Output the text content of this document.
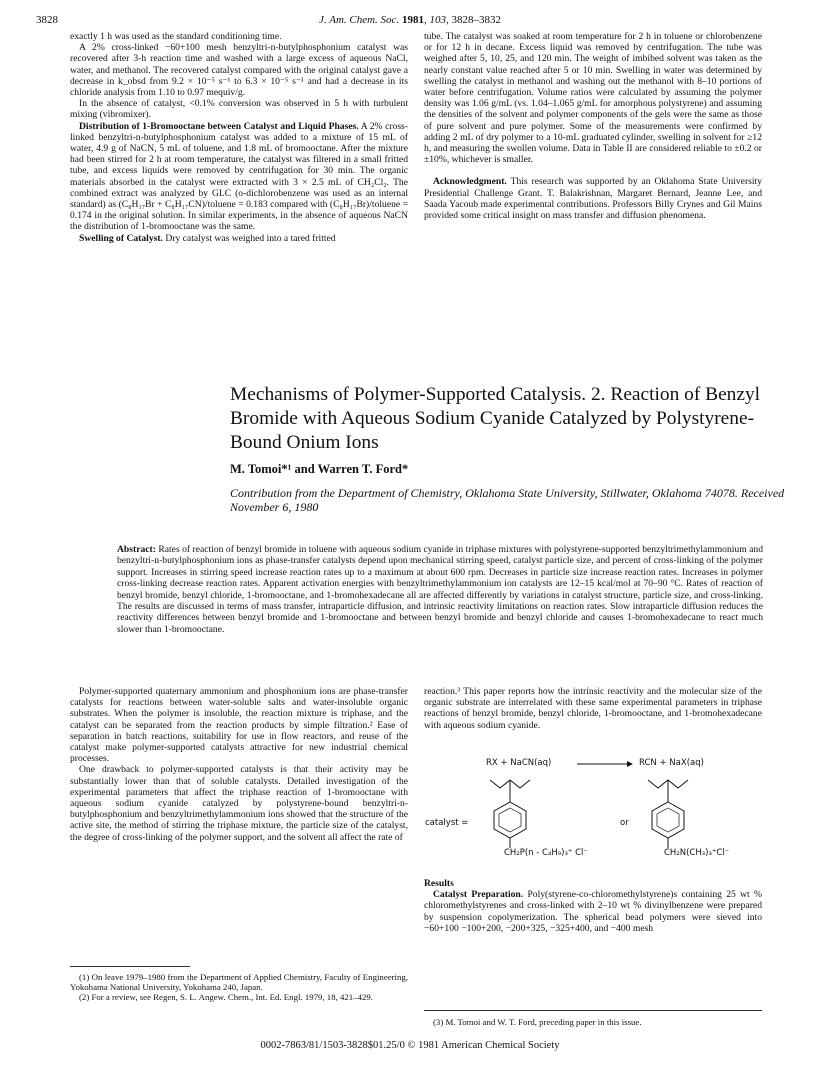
3828	J. Am. Chem. Soc. 1981, 103, 3828–3832

exactly 1 h was used as the standard conditioning time.

A 2% cross-linked −60+100 mesh benzyltri-n-butylphosphonium catalyst was recovered after 3-h reaction time and washed with a large excess of aqueous NaCl, water, and methanol. The recovered catalyst compared with the original catalyst gave a decrease in k_obsd from 9.2 × 10⁻⁵ s⁻¹ to 6.3 × 10⁻⁵ s⁻¹ and had a decrease in its chloride analysis from 1.10 to 0.97 mequiv/g.

In the absence of catalyst, <0.1% conversion was observed in 5 h with turbulent mixing (vibromixer).

Distribution of 1-Bromooctane between Catalyst and Liquid Phases. A 2% cross-linked benzyltri-n-butylphosphonium catalyst was added to a mixture of 15 mL of water, 4.9 g of NaCN, 5 mL of toluene, and 1.8 mL of bromooctane. After the mixture had been stirred for 2 h at room temperature, the catalyst was filtered in a small fritted tube, and excess liquids were removed by centrifugation for 30 min. The organic materials absorbed in the catalyst were extracted with 3 × 2.5 mL of CH₂Cl₂. The combined extract was analyzed by GLC (o-dichlorobenzene was used as an internal standard) as (C₈H₁₇Br + C₈H₁₇CN)/toluene = 0.183 compared with (C₈H₁₇Br)/toluene = 0.174 in the original solution. In similar experiments, in the absence of aqueous NaCN the distribution of 1-bromooctane was the same.

Swelling of Catalyst. Dry catalyst was weighed into a tared fritted

tube. The catalyst was soaked at room temperature for 2 h in toluene or chlorobenzene or for 12 h in decane. Excess liquid was removed by centrifugation. The tube was weighed after 5, 10, 25, and 120 min. The weight of imbibed solvent was taken as the nearly constant value reached after 5 or 10 min. Swelling in water was determined by swelling the catalyst in methanol and washing out the methanol with 8–10 portions of water before centrifugation. Volume ratios were calculated by assuming the polymer density was 1.06 g/mL (vs. 1.04–1.065 g/mL for amorphous polystyrene) and assuming the densities of the solvent and polymer components of the gels were the same as those of pure solvent and pure polymer. Some of the measurements were confirmed by adding 2 mL of dry polymer to a 10-mL graduated cylinder, swelling in solvent for ≥12 h, and measuring the swollen volume. Data in Table II are considered reliable to ±0.2 or ±10%, whichever is smaller.

Acknowledgment. This research was supported by an Oklahoma State University Presidential Challenge Grant. T. Balakrishnan, Margaret Bernard, Jeanne Lee, and Saada Yacoub made experimental contributions. Professors Billy Crynes and Gil Mains provided some critical insight on mass transfer and diffusion phenomena.

Mechanisms of Polymer-Supported Catalysis. 2. Reaction of Benzyl Bromide with Aqueous Sodium Cyanide Catalyzed by Polystyrene-Bound Onium Ions
M. Tomoi*¹ and Warren T. Ford*
Contribution from the Department of Chemistry, Oklahoma State University, Stillwater, Oklahoma 74078. Received November 6, 1980
Abstract: Rates of reaction of benzyl bromide in toluene with aqueous sodium cyanide in triphase mixtures with polystyrene-supported benzyltrimethylammonium and benzyltri-n-butylphosphonium ions as phase-transfer catalysts depend upon mechanical stirring speed, catalyst particle size, and percent of cross-linking of the polymer support. Increases in stirring speed increase reaction rates up to a maximum at about 600 rpm. Decreases in particle size increase reaction rates. Increases in polymer cross-linking decrease reaction rates. Apparent activation energies with benzyltrimethylammonium ion catalysts are 12–15 kcal/mol at 70–90 °C. Rates of reaction of benzyl bromide, benzyl chloride, 1-bromooctane, and 1-bromohexadecane all are affected differently by variations in catalyst structure, particle size, and cross-linking. The results are discussed in terms of mass transfer, intraparticle diffusion, and intrinsic reactivity limitations on reaction rates. Slow intraparticle diffusion reduces the reactivity differences between benzyl bromide and 1-bromooctane and between benzyl bromide and benzyl chloride and causes 1-bromohexadecane to react much slower than 1-bromooctane.

Polymer-supported quaternary ammonium and phosphonium ions are phase-transfer catalysts for reactions between water-soluble salts and water-insoluble organic substrates. When the polymer is insoluble, the reaction mixture is triphase, and the catalyst can be separated from the reaction products by simple filtration.² Ease of separation in batch reactions, suitability for use in flow reactors, and reuse of the catalyst make polymer-supported catalysts attractive for new industrial chemical processes.

One drawback to polymer-supported catalysts is that their activity may be substantially lower than that of soluble catalysts. Detailed investigation of the experimental parameters that affect the triphase reaction of 1-bromooctane with aqueous sodium cyanide catalyzed by polystyrene-bound benzyltri-n-butylphosphonium and benzyltrimethylammonium ions showed that the structure of the active site, the method of stirring the triphase mixture, the particle size of the catalyst, the degree of cross-linking of the polymer support, and the solvent all affect the rate of

(1) On leave 1979–1980 from the Department of Applied Chemistry, Faculty of Engineering, Yokohama National University, Yokohama 240, Japan.

(2) For a review, see Regen, S. L. Angew. Chem., Int. Ed. Engl. 1979, 18, 421–429.

reaction.³ This paper reports how the intrinsic reactivity and the molecular size of the organic substrate are interrelated with these same experimental parameters in triphase reactions of benzyl bromide, benzyl chloride, 1-bromooctane, and 1-bromohexadecane with aqueous sodium cyanide.

RX + NaCN(aq) → RCN + NaX(aq)
catalyst =	or
CH₂P(n - C₄H₉)₃⁺ Cl⁻	CH₂N(CH₃)₃⁺Cl⁻

Results

Catalyst Preparation. Poly(styrene-co-chloromethylstyrene)s containing 25 wt % chloromethylstyrenes and cross-linked with 2–10 wt % divinylbenzene were prepared by suspension copolymerization. The spherical bead polymers were sieved into −60+100 −100+200, −200+325, −325+400, and −400 mesh

(3) M. Tomoi and W. T. Ford, preceding paper in this issue.

0002-7863/81/1503-3828$01.25/0 © 1981 American Chemical Society
